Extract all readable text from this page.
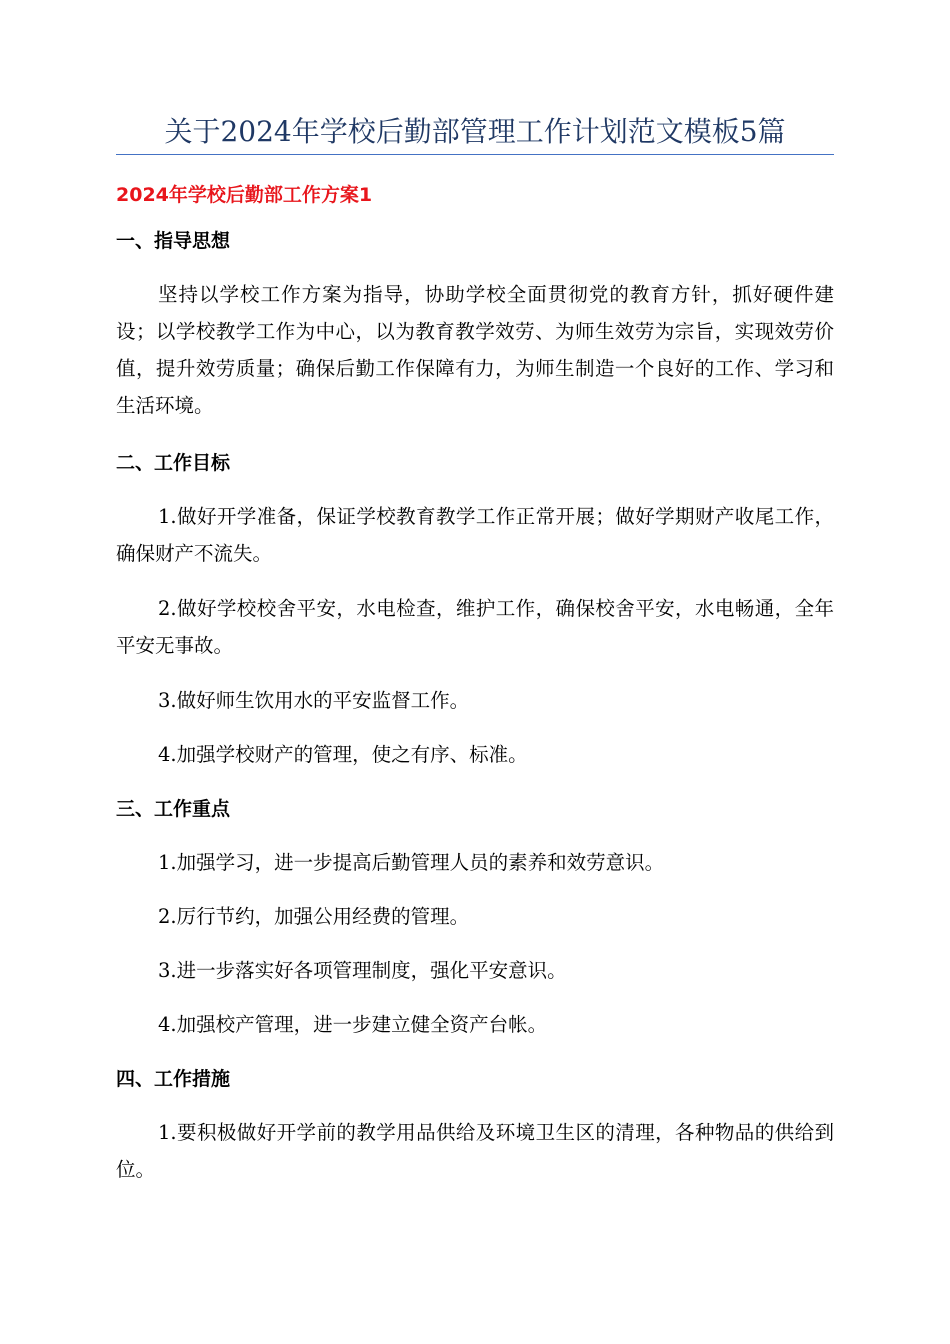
关于2024年学校后勤部管理工作计划范文模板5篇
2024年学校后勤部工作方案1
一、指导思想

坚持以学校工作方案为指导，协助学校全面贯彻党的教育方针，抓好硬件建设；以学校教学工作为中心，以为教育教学效劳、为师生效劳为宗旨，实现效劳价值，提升效劳质量；确保后勤工作保障有力，为师生制造一个良好的工作、学习和生活环境。

二、工作目标

1.做好开学准备，保证学校教育教学工作正常开展；做好学期财产收尾工作，确保财产不流失。

2.做好学校校舍平安，水电检查，维护工作，确保校舍平安，水电畅通，全年平安无事故。

3.做好师生饮用水的平安监督工作。

4.加强学校财产的管理，使之有序、标准。

三、工作重点

1.加强学习，进一步提高后勤管理人员的素养和效劳意识。

2.厉行节约，加强公用经费的管理。

3.进一步落实好各项管理制度，强化平安意识。

4.加强校产管理，进一步建立健全资产台帐。

四、工作措施

1.要积极做好开学前的教学用品供给及环境卫生区的清理，各种物品的供给到位。
